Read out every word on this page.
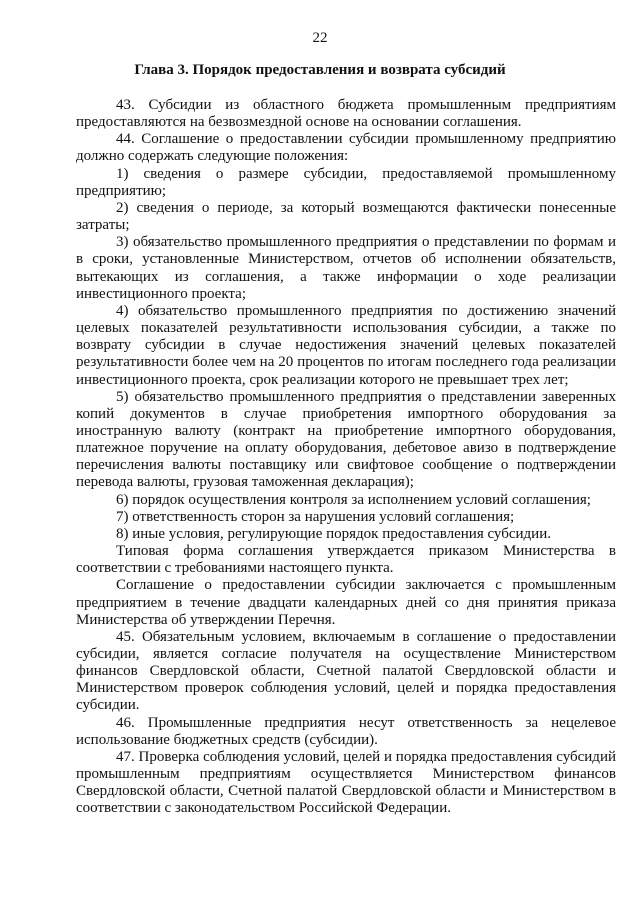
22
Глава 3. Порядок предоставления и возврата субсидий

43. Субсидии из областного бюджета промышленным предприятиям предоставляются на безвозмездной основе на основании соглашения.

44. Соглашение о предоставлении субсидии промышленному предприятию должно содержать следующие положения:

1) сведения о размере субсидии, предоставляемой промышленному предприятию;

2) сведения о периоде, за который возмещаются фактически понесенные затраты;

3) обязательство промышленного предприятия о представлении по формам и в сроки, установленные Министерством, отчетов об исполнении обязательств, вытекающих из соглашения, а также информации о ходе реализации инвестиционного проекта;

4) обязательство промышленного предприятия по достижению значений целевых показателей результативности использования субсидии, а также по возврату субсидии в случае недостижения значений целевых показателей результативности более чем на 20 процентов по итогам последнего года реализации инвестиционного проекта, срок реализации которого не превышает трех лет;

5) обязательство промышленного предприятия о представлении заверенных копий документов в случае приобретения импортного оборудования за иностранную валюту (контракт на приобретение импортного оборудования, платежное поручение на оплату оборудования, дебетовое авизо в подтверждение перечисления валюты поставщику или свифтовое сообщение о подтверждении перевода валюты, грузовая таможенная декларация);

6) порядок осуществления контроля за исполнением условий соглашения;

7) ответственность сторон за нарушения условий соглашения;

8) иные условия, регулирующие порядок предоставления субсидии.

Типовая форма соглашения утверждается приказом Министерства в соответствии с требованиями настоящего пункта.

Соглашение о предоставлении субсидии заключается с промышленным предприятием в течение двадцати календарных дней со дня принятия приказа Министерства об утверждении Перечня.

45. Обязательным условием, включаемым в соглашение о предоставлении субсидии, является согласие получателя на осуществление Министерством финансов Свердловской области, Счетной палатой Свердловской области и Министерством проверок соблюдения условий, целей и порядка предоставления субсидии.

46. Промышленные предприятия несут ответственность за нецелевое использование бюджетных средств (субсидии).

47. Проверка соблюдения условий, целей и порядка предоставления субсидий промышленным предприятиям осуществляется Министерством финансов Свердловской области, Счетной палатой Свердловской области и Министерством в соответствии с законодательством Российской Федерации.
